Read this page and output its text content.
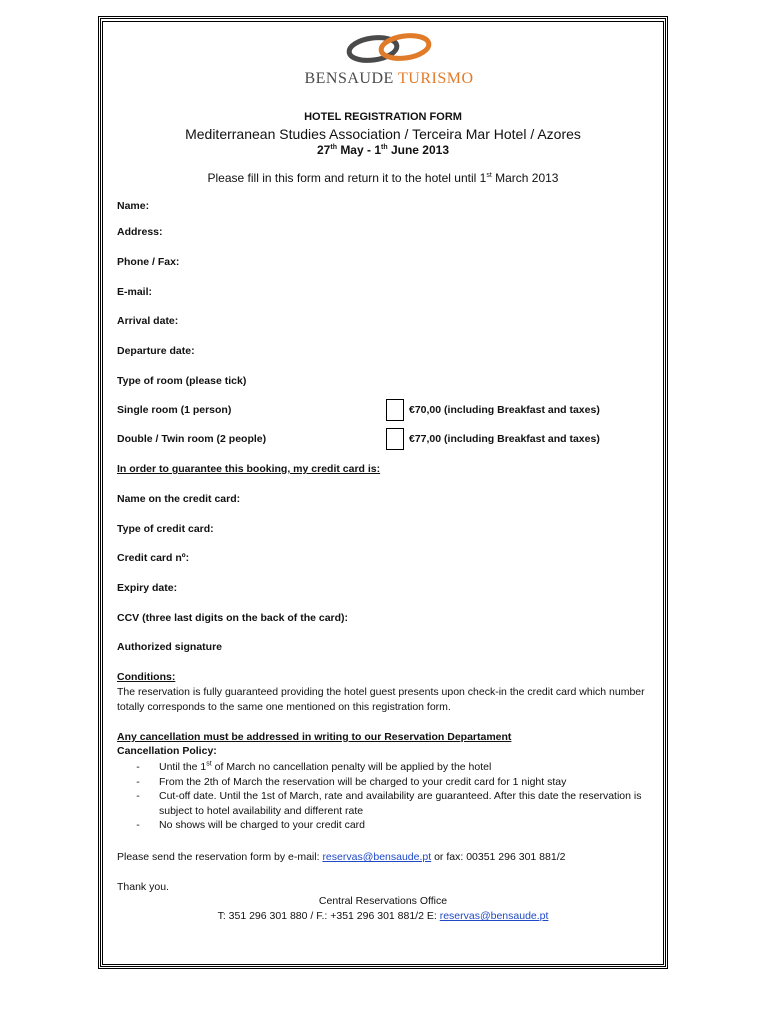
BENSAUDE TURISMO
HOTEL REGISTRATION FORM
Mediterranean Studies Association / Terceira Mar Hotel / Azores
27th May - 1th June 2013
Please fill in this form and return it to the hotel until 1st March 2013
Name:
Address:
Phone / Fax:
E-mail:
Arrival date:
Departure date:
Type of room (please tick)
Single room (1 person)	€70,00 (including Breakfast and taxes)
Double / Twin room (2 people)	€77,00 (including Breakfast and taxes)
In order to guarantee this booking, my credit card is:
Name on the credit card:
Type of credit card:
Credit card nº:
Expiry date:
CCV (three last digits on the back of the card):
Authorized signature
Conditions:
The reservation is fully guaranteed providing the hotel guest presents upon check-in the credit card which number totally corresponds to the same one mentioned on this registration form.
Any cancellation must be addressed in writing to our Reservation Departament
Cancellation Policy:
-	Until the 1st of March no cancellation penalty will be applied by the hotel
-	From the 2th of March the reservation will be charged to your credit card for 1 night stay
-	Cut-off date. Until the 1st of March, rate and availability are guaranteed. After this date the reservation is subject to hotel availability and different rate
-	No shows will be charged to your credit card
Please send the reservation form by e-mail: reservas@bensaude.pt or fax: 00351 296 301 881/2
Thank you.
Central Reservations Office
T: 351 296 301 880 / F.: +351 296 301 881/2 E: reservas@bensaude.pt
